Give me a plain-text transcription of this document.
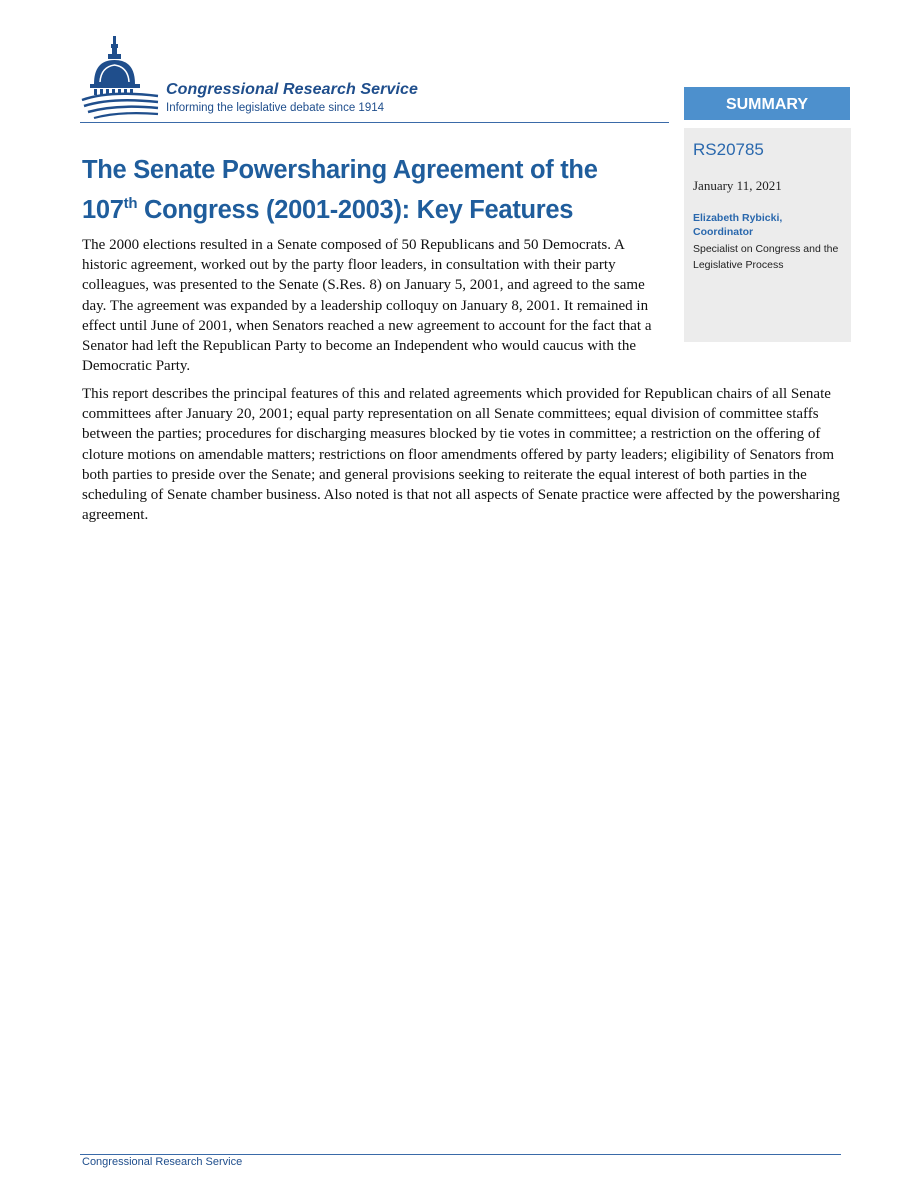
Congressional Research Service
Informing the legislative debate since 1914	SUMMARY
RS20785
January 11, 2021
Elizabeth Rybicki,
Coordinator
Specialist on Congress and the Legislative Process
The Senate Powersharing Agreement of the
107th Congress (2001-2003): Key Features

The 2000 elections resulted in a Senate composed of 50 Republicans and 50 Democrats. A historic agreement, worked out by the party floor leaders, in consultation with their party colleagues, was presented to the Senate (S.Res. 8) on January 5, 2001, and agreed to the same day. The agreement was expanded by a leadership colloquy on January 8, 2001. It remained in effect until June of 2001, when Senators reached a new agreement to account for the fact that a Senator had left the Republican Party to become an Independent who would caucus with the Democratic Party.

This report describes the principal features of this and related agreements which provided for Republican chairs of all Senate committees after January 20, 2001; equal party representation on all Senate committees; equal division of committee staffs between the parties; procedures for discharging measures blocked by tie votes in committee; a restriction on the offering of cloture motions on amendable matters; restrictions on floor amendments offered by party leaders; eligibility of Senators from both parties to preside over the Senate; and general provisions seeking to reiterate the equal interest of both parties in the scheduling of Senate chamber business. Also noted is that not all aspects of Senate practice were affected by the powersharing agreement.

Congressional Research Service
